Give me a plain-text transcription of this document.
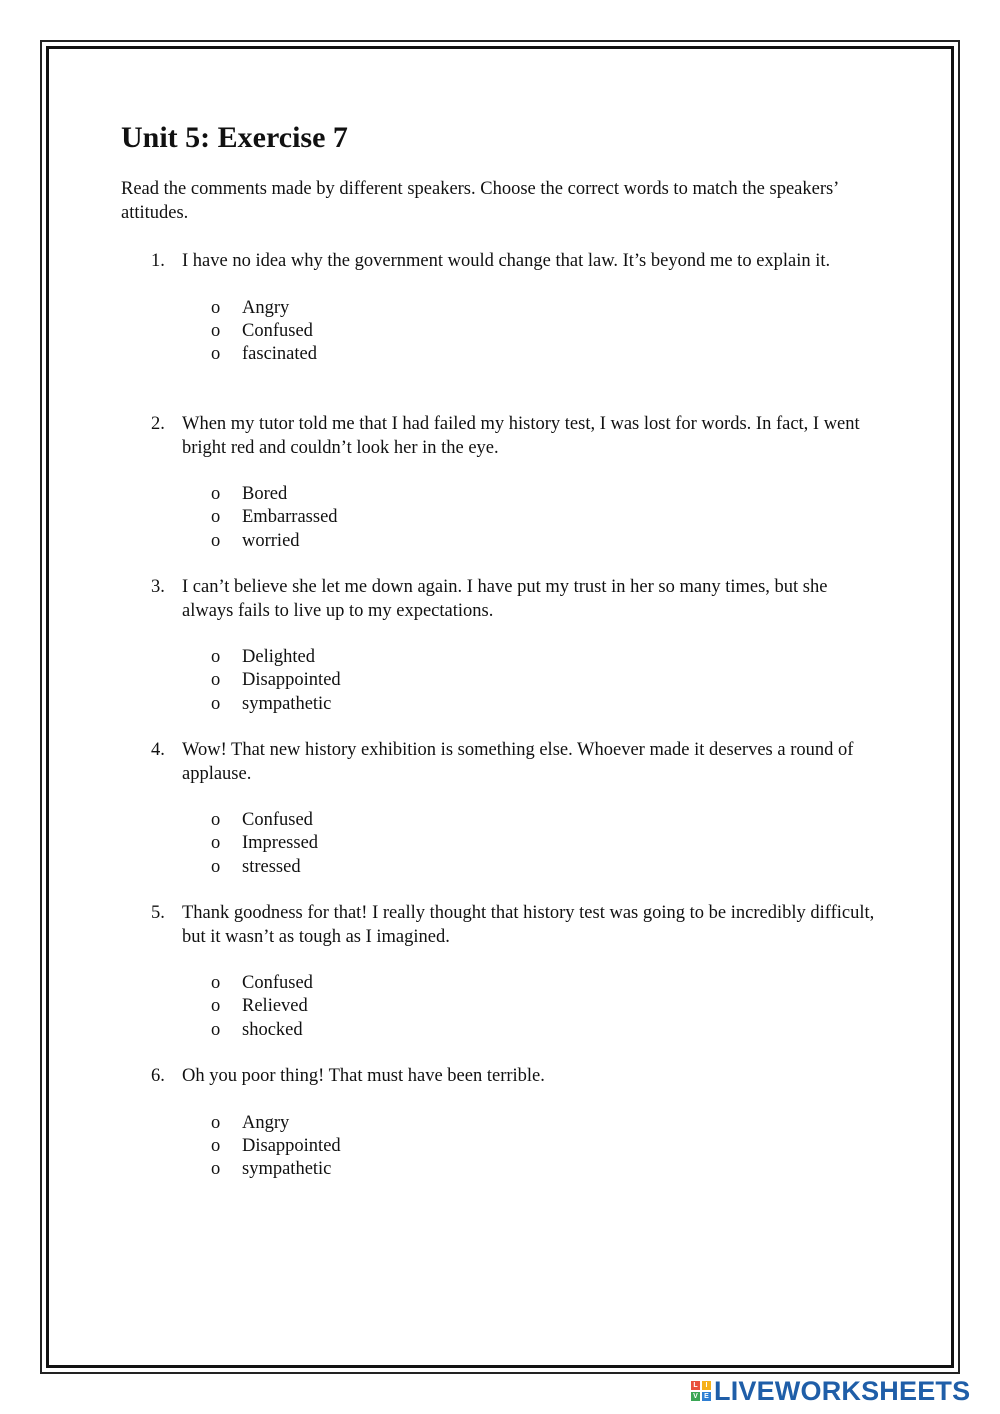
Unit 5: Exercise 7

Read the comments made by different speakers. Choose the correct words to match the speakers’ attitudes.

1. I have no idea why the government would change that law. It’s beyond me to explain it.
o Angry
o Confused
o fascinated
2. When my tutor told me that I had failed my history test, I was lost for words. In fact, I went bright red and couldn’t look her in the eye.
o Bored
o Embarrassed
o worried
3. I can’t believe she let me down again. I have put my trust in her so many times, but she always fails to live up to my expectations.
o Delighted
o Disappointed
o sympathetic
4. Wow! That new history exhibition is something else. Whoever made it deserves a round of applause.
o Confused
o Impressed
o stressed
5. Thank goodness for that! I really thought that history test was going to be incredibly difficult, but it wasn’t as tough as I imagined.
o Confused
o Relieved
o shocked
6. Oh you poor thing! That must have been terrible.
o Angry
o Disappointed
o sympathetic
L	I
V E LIVEWORKSHEETS
